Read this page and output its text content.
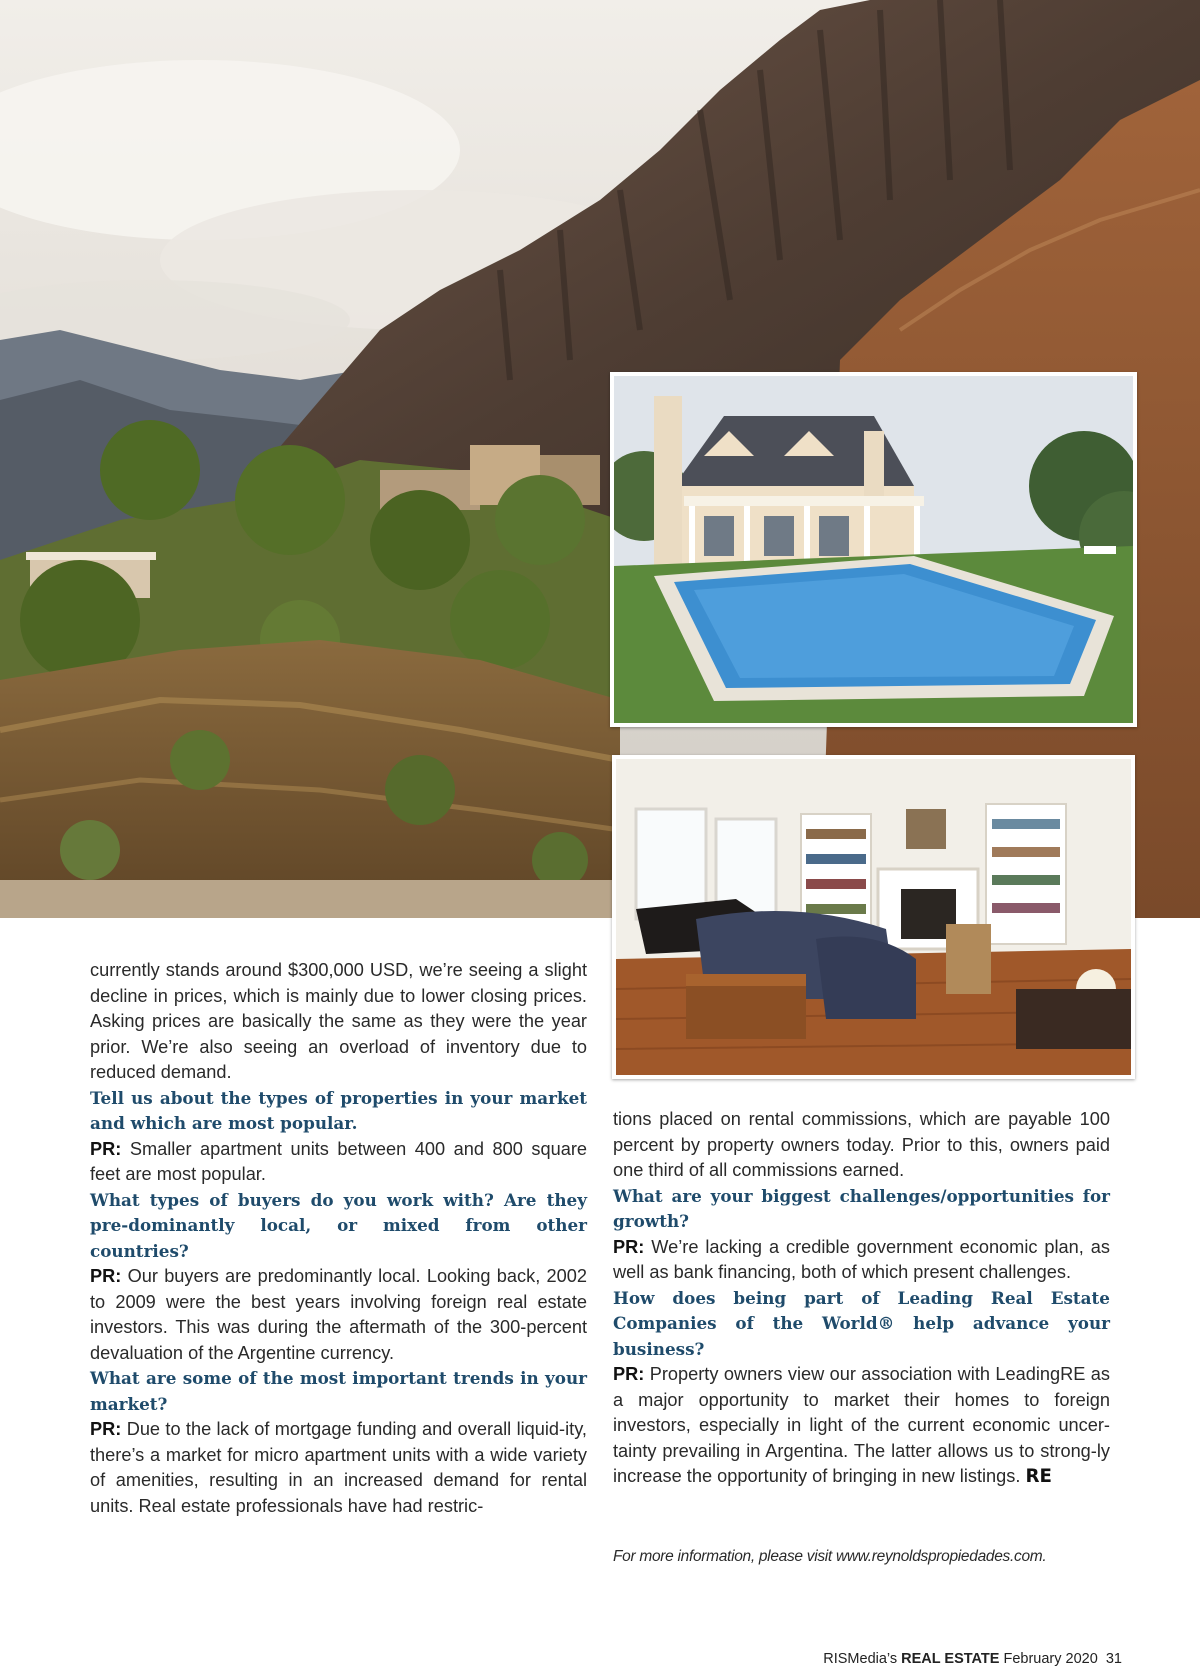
currently stands around $300,000 USD, we’re seeing a slight decline in prices, which is mainly due to lower closing prices. Asking prices are basically the same as they were the year prior. We’re also seeing an overload of inventory due to reduced demand.

Tell us about the types of properties in your market and which are most popular.

PR: Smaller apartment units between 400 and 800 square feet are most popular.

What types of buyers do you work with? Are they pre-dominantly local, or mixed from other countries?

PR: Our buyers are predominantly local. Looking back, 2002 to 2009 were the best years involving foreign real estate investors. This was during the aftermath of the 300-percent devaluation of the Argentine currency.

What are some of the most important trends in your market?

PR: Due to the lack of mortgage funding and overall liquid-ity, there’s a market for micro apartment units with a wide variety of amenities, resulting in an increased demand for rental units. Real estate professionals have had restric-

tions placed on rental commissions, which are payable 100 percent by property owners today. Prior to this, owners paid one third of all commissions earned.

What are your biggest challenges/opportunities for growth?

PR: We’re lacking a credible government economic plan, as well as bank financing, both of which present challenges.

How does being part of Leading Real Estate Companies of the World® help advance your business?

PR: Property owners view our association with LeadingRE as a major opportunity to market their homes to foreign investors, especially in light of the current economic uncer-tainty prevailing in Argentina. The latter allows us to strong-ly increase the opportunity of bringing in new listings. RE

For more information, please visit www.reynoldspropiedades.com.
RISMedia’s REAL ESTATE February 2020 31
